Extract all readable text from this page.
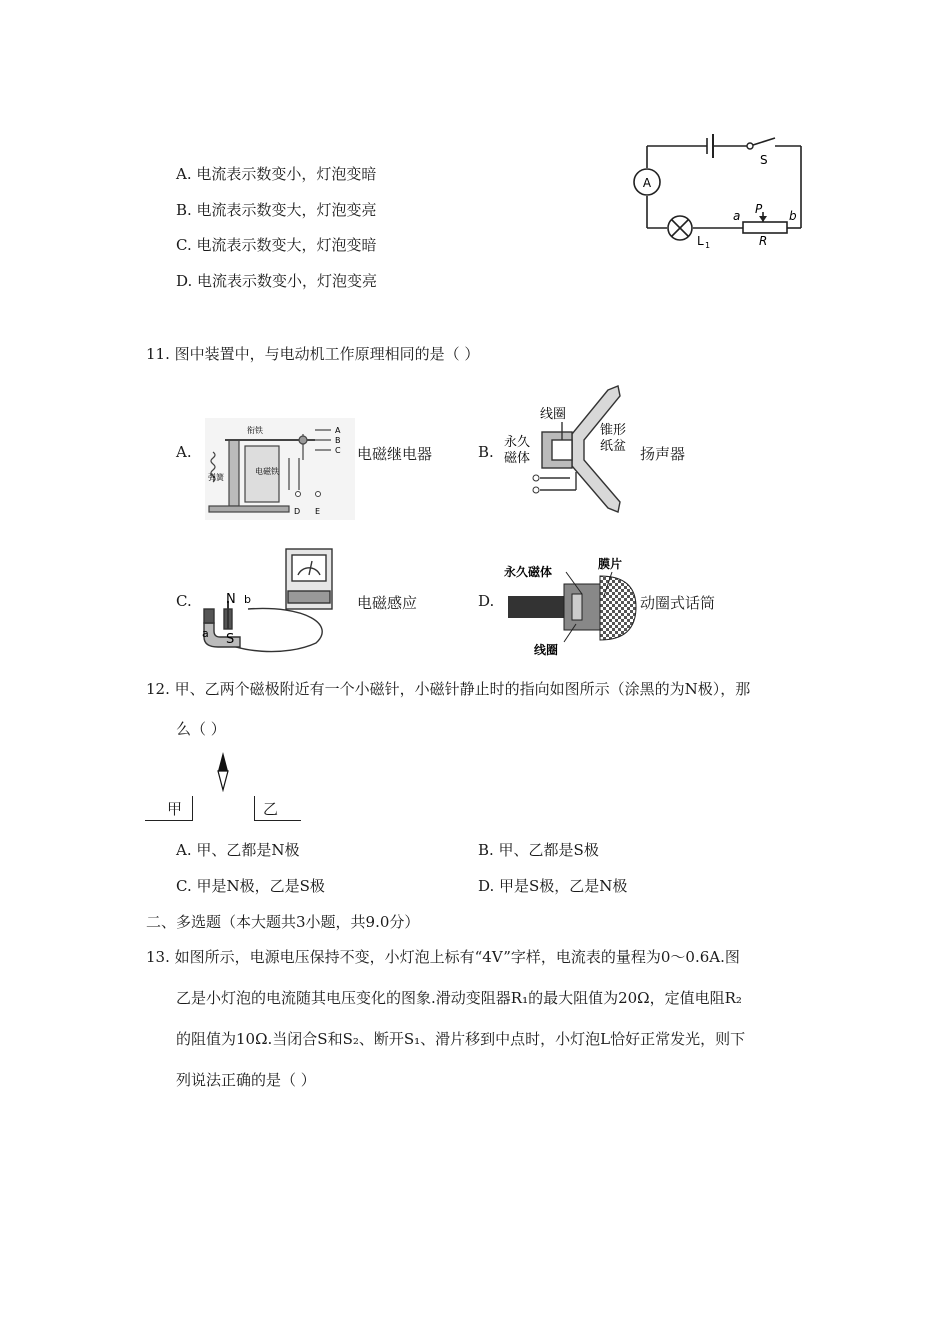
A. 电流表示数变小，灯泡变暗
B. 电流表示数变大，灯泡变亮
C. 电流表示数变大，灯泡变暗
D. 电流表示数变小，灯泡变亮
A
S
L 1
P
a	b
R
11. 图中装置中，与电动机工作原理相同的是（ ）
A.
衔铁
弹簧
电磁铁
A
B
C
D E
电磁继电器	B.
线圈
永久
磁体
锥形
纸盆 扬声器
C.	N
S
a
b	电磁感应	D.
永久磁体
膜片
线圈
动圈式话筒
12. 甲、乙两个磁极附近有一个小磁针，小磁针静止时的指向如图所示（涂黑的为N极），那
么（ ）
甲	乙
A. 甲、乙都是N极	B. 甲、乙都是S极
C. 甲是N极，乙是S极	D. 甲是S极，乙是N极
二、多选题（本大题共3小题，共9.0分）
13. 如图所示，电源电压保持不变，小灯泡上标有“4V”字样，电流表的量程为0～0.6A.图
乙是小灯泡的电流随其电压变化的图象.滑动变阻器R₁的最大阻值为20Ω，定值电阻R₂
的阻值为10Ω.当闭合S和S₂、断开S₁、滑片移到中点时，小灯泡L恰好正常发光，则下
列说法正确的是（ ）
